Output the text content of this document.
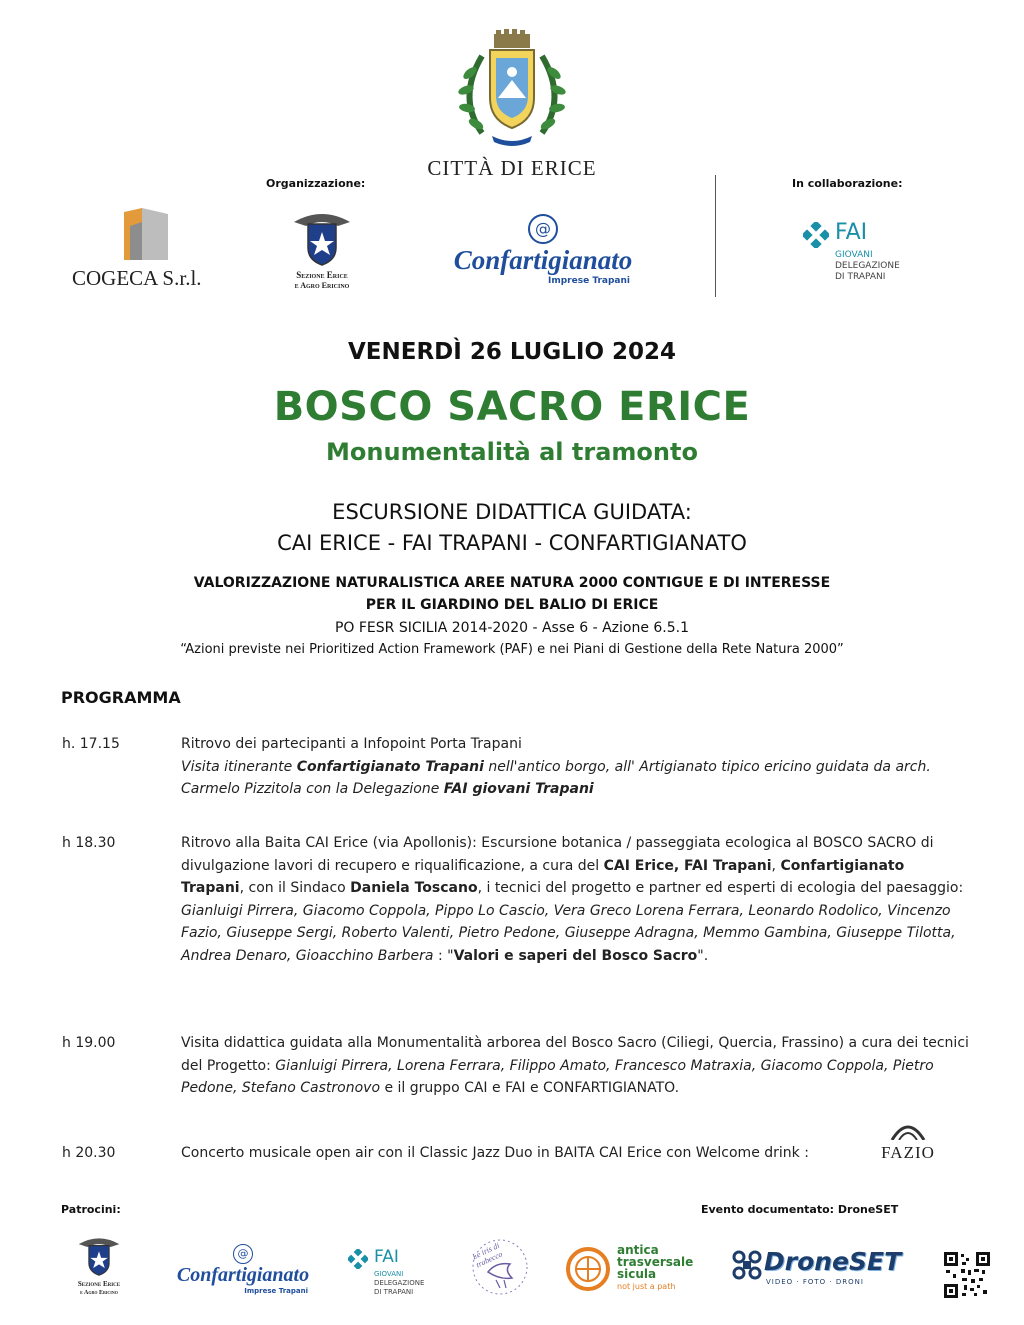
CITTÀ DI ERICE
Organizzazione:	In collaborazione:
COGECA S.r.l.	Sezione Erice
e Agro Ericino
@
Confartigianato
Imprese Trapani
FAI
GIOVANI
DELEGAZIONE
DI TRAPANI
VENERDÌ 26 LUGLIO 2024
BOSCO SACRO ERICE
Monumentalità al tramonto
ESCURSIONE DIDATTICA GUIDATA:
CAI ERICE - FAI TRAPANI - CONFARTIGIANATO
VALORIZZAZIONE NATURALISTICA AREE NATURA 2000 CONTIGUE E DI INTERESSE
PER IL GIARDINO DEL BALIO DI ERICE
PO FESR SICILIA 2014-2020 - Asse 6 - Azione 6.5.1
“Azioni previste nei Prioritized Action Framework (PAF) e nei Piani di Gestione della Rete Natura 2000”
PROGRAMMA
h. 17.15	Ritrovo dei partecipanti a Infopoint Porta Trapani
Visita itinerante Confartigianato Trapani nell'antico borgo, all' Artigianato tipico ericino guidata da arch. Carmelo Pizzitola con la Delegazione FAI giovani Trapani
h 18.30	Ritrovo alla Baita CAI Erice (via Apollonis): Escursione botanica / passeggiata ecologica al BOSCO SACRO di divulgazione lavori di recupero e riqualificazione, a cura del CAI Erice, FAI Trapani, Confartigianato Trapani, con il Sindaco Daniela Toscano, i tecnici del progetto e partner ed esperti di ecologia del paesaggio: Gianluigi Pirrera, Giacomo Coppola, Pippo Lo Cascio, Vera Greco Lorena Ferrara, Leonardo Rodolico, Vincenzo Fazio, Giuseppe Sergi, Roberto Valenti, Pietro Pedone, Giuseppe Adragna, Memmo Gambina, Giuseppe Tilotta, Andrea Denaro, Gioacchino Barbera : "Valori e saperi del Bosco Sacro".
h 19.00	Visita didattica guidata alla Monumentalità arborea del Bosco Sacro (Ciliegi, Quercia, Frassino) a cura dei tecnici del Progetto: Gianluigi Pirrera, Lorena Ferrara, Filippo Amato, Francesco Matraxia, Giacomo Coppola, Pietro Pedone, Stefano Castronovo e il gruppo CAI e FAI e CONFARTIGIANATO.
h 20.30	Concerto musicale open air con il Classic Jazz Duo in BAITA CAI Erice con Welcome drink :	FAZIO
Patrocini:	Evento documentato: DroneSET
Sezione Erice
e Agro Ericino
@
Confartigianato
Imprese Trapani
FAI
GIOVANI
DELEGAZIONE
DI TRAPANI
Le iris di trabecco	antica
trasversale
sicula
not just a path
DroneSET
VIDEO · FOTO · DRONI
